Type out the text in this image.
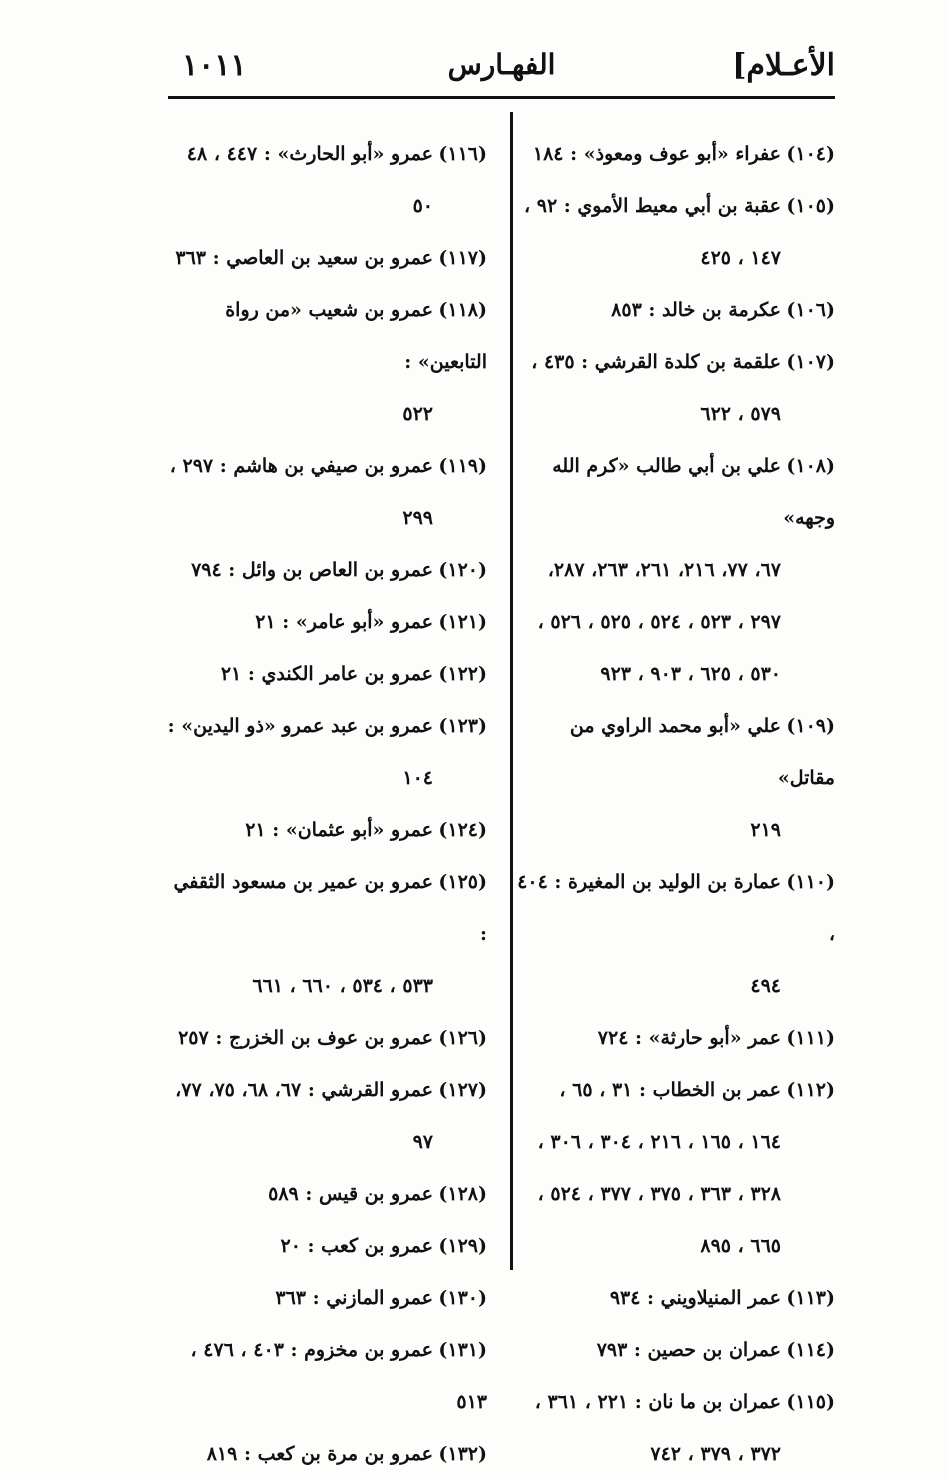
١٠١١	الفهـارس	الأعـلام]
(١٠٤)عفراء «أبو عوف ومعوذ» : ١٨٤
(١٠٥)عقبة بن أبي معيط الأموي : ٩٢ ،
١٤٧ ، ٤٢٥
(١٠٦)عكرمة بن خالد : ٨٥٣
(١٠٧)علقمة بن كلدة القرشي : ٤٣٥ ،
٥٧٩ ، ٦٢٢
(١٠٨)علي بن أبي طالب «كرم الله وجهه»
٦٧، ٧٧، ٢١٦، ٢٦١، ٢٦٣، ٢٨٧، ٢٩٧ ، ٥٢٣ ، ٥٢٤ ، ٥٢٥ ، ٥٢٦ ، ٥٣٠ ، ٦٢٥ ، ٩٠٣ ، ٩٢٣
(١٠٩)علي «أبو محمد الراوي من مقاتل»
٢١٩
(١١٠)عمارة بن الوليد بن المغيرة : ٤٠٤ ،
٤٩٤
(١١١)عمر «أبو حارثة» : ٧٢٤
(١١٢)عمر بن الخطاب : ٣١ ، ٦٥ ،
١٦٤ ، ١٦٥ ، ٢١٦ ، ٣٠٤ ، ٣٠٦ ، ٣٢٨ ، ٣٦٣ ، ٣٧٥ ، ٣٧٧ ، ٥٢٤ ، ٦٦٥ ، ٨٩٥
(١١٣)عمر المنيلاويني : ٩٣٤
(١١٤)عمران بن حصين : ٧٩٣
(١١٥)عمران بن ما نان : ٢٢١ ، ٣٦١ ،
٣٧٢ ، ٣٧٩ ، ٧٤٢
(١١٦)عمرو «أبو الحارث» : ٤٤٧ ، ٤٨
٥٠
(١١٧)عمرو بن سعيد بن العاصي : ٣٦٣
(١١٨)عمرو بن شعيب «من رواة التابعين» :
٥٢٢
(١١٩)عمرو بن صيفي بن هاشم : ٢٩٧ ،
٢٩٩
(١٢٠)عمرو بن العاص بن وائل : ٧٩٤
(١٢١)عمرو «أبو عامر» : ٢١
(١٢٢)عمرو بن عامر الكندي : ٢١
(١٢٣)عمرو بن عبد عمرو «ذو اليدين» :
١٠٤
(١٢٤)عمرو «أبو عثمان» : ٢١
(١٢٥)عمرو بن عمير بن مسعود الثقفي :
٥٣٣ ، ٥٣٤ ، ٦٦٠ ، ٦٦١
(١٢٦)عمرو بن عوف بن الخزرج : ٢٥٧
(١٢٧)عمرو القرشي : ٦٧، ٦٨، ٧٥، ٧٧،
٩٧
(١٢٨)عمرو بن قيس : ٥٨٩
(١٢٩)عمرو بن كعب : ٢٠
(١٣٠)عمرو المازني : ٣٦٣
(١٣١)عمرو بن مخزوم : ٤٠٣ ، ٤٧٦ ، ٥١٣
(١٣٢)عمرو بن مرة بن كعب : ٨١٩
